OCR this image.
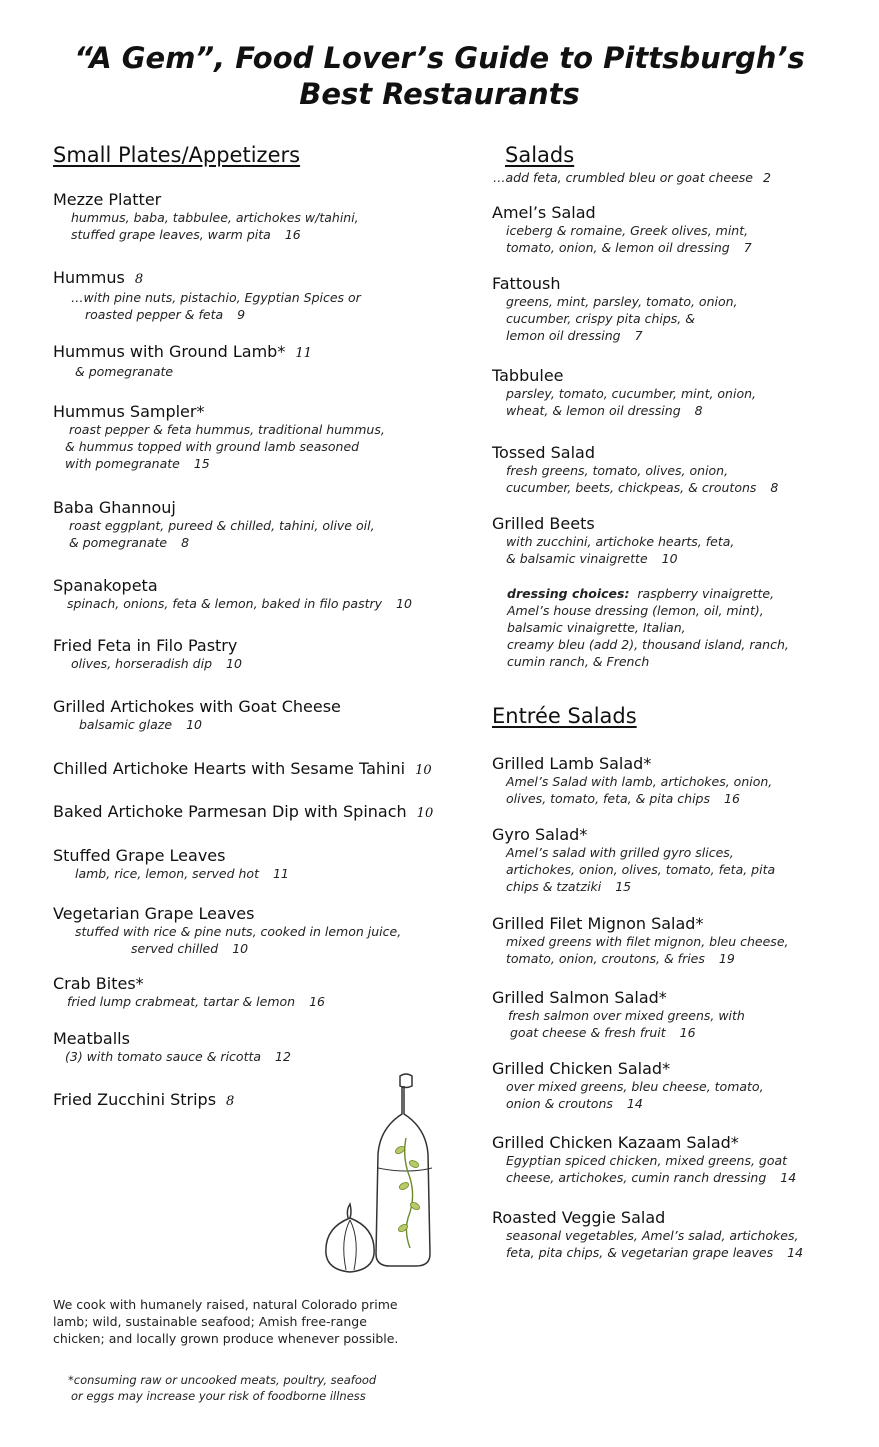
“A Gem”, Food Lover’s Guide to Pittsburgh’s
Best Restaurants
Small Plates/Appetizers	Salads
…add feta, crumbled bleu or goat cheese 2
Entrée Salads
Mezze Platter
hummus, baba, tabbulee, artichokes w/tahini,
stuffed grape leaves, warm pita 16
Hummus 8
…with pine nuts, pistachio, Egyptian Spices or
roasted pepper & feta 9
Hummus with Ground Lamb* 11
& pomegranate
Hummus Sampler*
roast pepper & feta hummus, traditional hummus,
& hummus topped with ground lamb seasoned
with pomegranate 15
Baba Ghannouj
roast eggplant, pureed & chilled, tahini, olive oil,
& pomegranate 8
Spanakopeta
spinach, onions, feta & lemon, baked in filo pastry 10
Fried Feta in Filo Pastry
olives, horseradish dip 10
Grilled Artichokes with Goat Cheese
balsamic glaze 10
Chilled Artichoke Hearts with Sesame Tahini 10
Baked Artichoke Parmesan Dip with Spinach 10
Stuffed Grape Leaves
lamb, rice, lemon, served hot 11
Vegetarian Grape Leaves
stuffed with rice & pine nuts, cooked in lemon juice,
served chilled 10
Crab Bites*
fried lump crabmeat, tartar & lemon 16
Meatballs
(3) with tomato sauce & ricotta 12
Fried Zucchini Strips 8
Amel’s Salad
iceberg & romaine, Greek olives, mint,
tomato, onion, & lemon oil dressing 7
Fattoush
greens, mint, parsley, tomato, onion,
cucumber, crispy pita chips, &
lemon oil dressing 7
Tabbulee
parsley, tomato, cucumber, mint, onion,
wheat, & lemon oil dressing 8
Tossed Salad
fresh greens, tomato, olives, onion,
cucumber, beets, chickpeas, & croutons 8
Grilled Beets
with zucchini, artichoke hearts, feta,
& balsamic vinaigrette 10
Grilled Lamb Salad*
Amel’s Salad with lamb, artichokes, onion,
olives, tomato, feta, & pita chips 16
Gyro Salad*
Amel’s salad with grilled gyro slices,
artichokes, onion, olives, tomato, feta, pita
chips & tzatziki 15
Grilled Filet Mignon Salad*
mixed greens with filet mignon, bleu cheese,
tomato, onion, croutons, & fries 19
Grilled Salmon Salad*
fresh salmon over mixed greens, with
goat cheese & fresh fruit 16
Grilled Chicken Salad*
over mixed greens, bleu cheese, tomato,
onion & croutons 14
Grilled Chicken Kazaam Salad*
Egyptian spiced chicken, mixed greens, goat
cheese, artichokes, cumin ranch dressing 14
Roasted Veggie Salad
seasonal vegetables, Amel’s salad, artichokes,
feta, pita chips, & vegetarian grape leaves 14
dressing choices: raspberry vinaigrette,
Amel’s house dressing (lemon, oil, mint),
balsamic vinaigrette, Italian,
creamy bleu (add 2), thousand island, ranch,
cumin ranch, & French
We cook with humanely raised, natural Colorado prime
lamb; wild, sustainable seafood; Amish free-range
chicken; and locally grown produce whenever possible.
*consuming raw or uncooked meats, poultry, seafood
or eggs may increase your risk of foodborne illness
